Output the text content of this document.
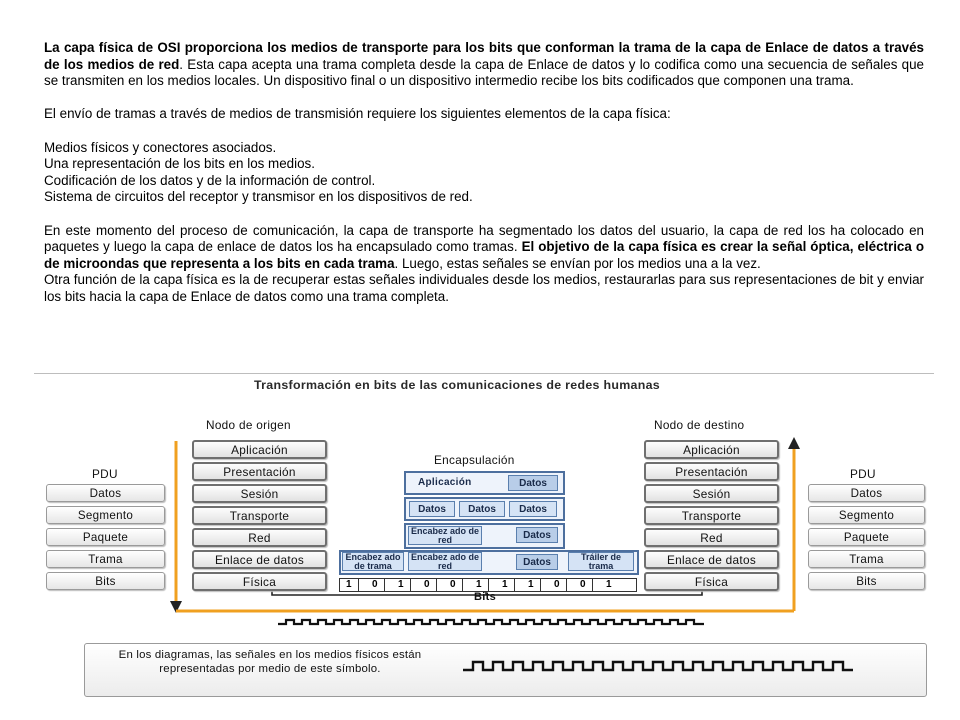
La capa física de OSI proporciona los medios de transporte para los bits que conforman la trama de la capa de Enlace de datos a través de los medios de red. Esta capa acepta una trama completa desde la capa de Enlace de datos y lo codifica como una secuencia de señales que se transmiten en los medios locales. Un dispositivo final o un dispositivo intermedio recibe los bits codificados que componen una trama.

El envío de tramas a través de medios de transmisión requiere los siguientes elementos de la capa física:

Medios físicos y conectores asociados.

Una representación de los bits en los medios.

Codificación de los datos y de la información de control.

Sistema de circuitos del receptor y transmisor en los dispositivos de red.

En este momento del proceso de comunicación, la capa de transporte ha segmentado los datos del usuario, la capa de red los ha colocado en paquetes y luego la capa de enlace de datos los ha encapsulado como tramas. El objetivo de la capa física es crear la señal óptica, eléctrica o de microondas que representa a los bits en cada trama. Luego, estas señales se envían por los medios una a la vez.

Otra función de la capa física es la de recuperar estas señales individuales desde los medios, restaurarlas para sus representaciones de bit y enviar los bits hacia la capa de Enlace de datos como una trama completa.

Transformación en bits de las comunicaciones de redes humanas
Nodo de origen	Nodo de destino
PDU	PDU
Encapsulación
Datos
Segmento
Paquete
Trama
Bits
Datos
Segmento
Paquete
Trama
Bits
Aplicación
Presentación
Sesión
Transporte
Red
Enlace de datos
Física
Aplicación
Presentación
Sesión
Transporte
Red
Enlace de datos
Física
Aplicación	Datos
Datos	Datos	Datos
Encabez ado de red	Datos
Encabez ado de trama
Encabez ado de red	Datos	Tráiler de trama
1	0	1	0	0	1	1	1	0	0	1
Bits
En los diagramas, las señales en los medios físicos están representadas por medio de este símbolo.
